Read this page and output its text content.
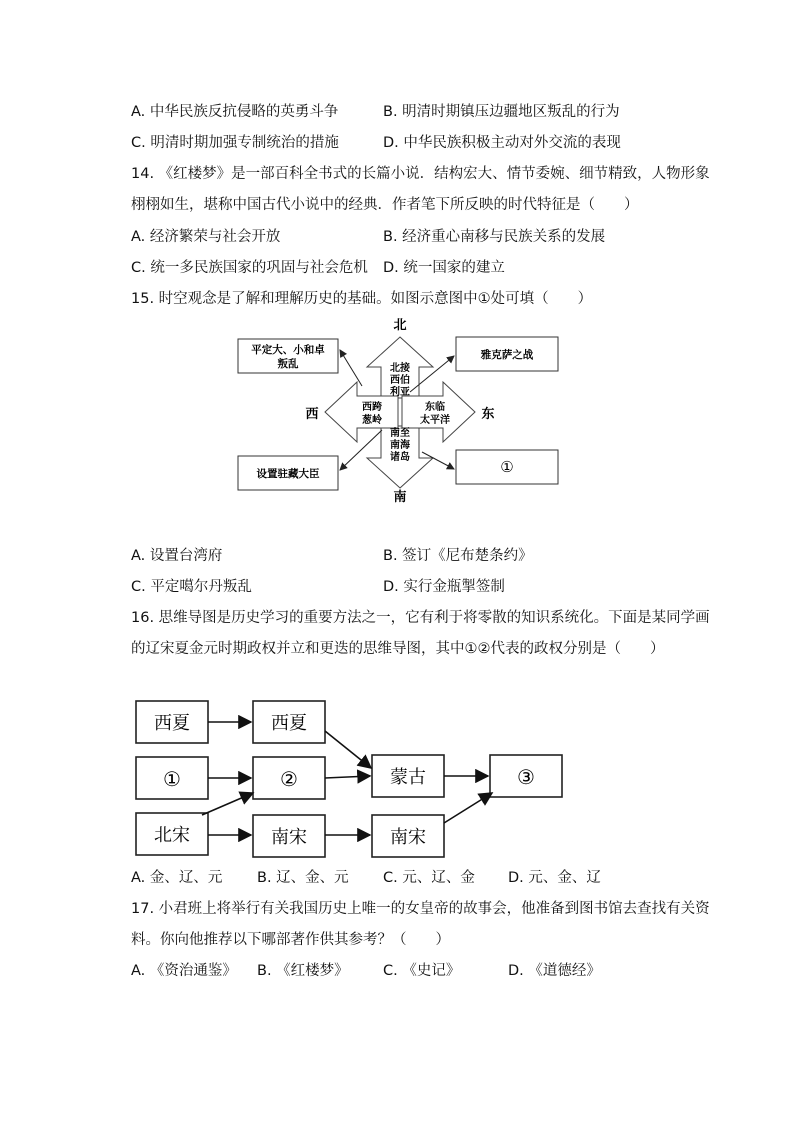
A. 中华民族反抗侵略的英勇斗争	B. 明清时期镇压边疆地区叛乱的行为
C. 明清时期加强专制统治的措施	D. 中华民族积极主动对外交流的表现
14. 《红楼梦》是一部百科全书式的长篇小说．结构宏大、情节委婉、细节精致，人物形象
栩栩如生，堪称中国古代小说中的经典．作者笔下所反映的时代特征是（　　）
A. 经济繁荣与社会开放	B. 经济重心南移与民族关系的发展
C. 统一多民族国家的巩固与社会危机 D. 统一国家的建立
15. 时空观念是了解和理解历史的基础。如图示意图中①处可填（　　）
北
南
西	东
北接
西伯
利亚
西跨
葱岭
东临
太平洋
南至
南海
诸岛
平定大、小和卓
叛乱
雅克萨之战
设置驻藏大臣	①
A. 设置台湾府	B. 签订《尼布楚条约》
C. 平定噶尔丹叛乱	D. 实行金瓶掣签制
16. 思维导图是历史学习的重要方法之一，它有利于将零散的知识系统化。下面是某同学画
的辽宋夏金元时期政权并立和更迭的思维导图，其中①②代表的政权分别是（　　）
西夏	西夏
①	②	蒙古	③
北宋	南宋	南宋
A. 金、辽、元 B. 辽、金、元 C. 元、辽、金 D. 元、金、辽
17. 小君班上将举行有关我国历史上唯一的女皇帝的故事会，他准备到图书馆去查找有关资
料。你向他推荐以下哪部著作供其参考？（　　）
A. 《资治通鉴》 B. 《红楼梦》 C. 《史记》	D. 《道德经》
